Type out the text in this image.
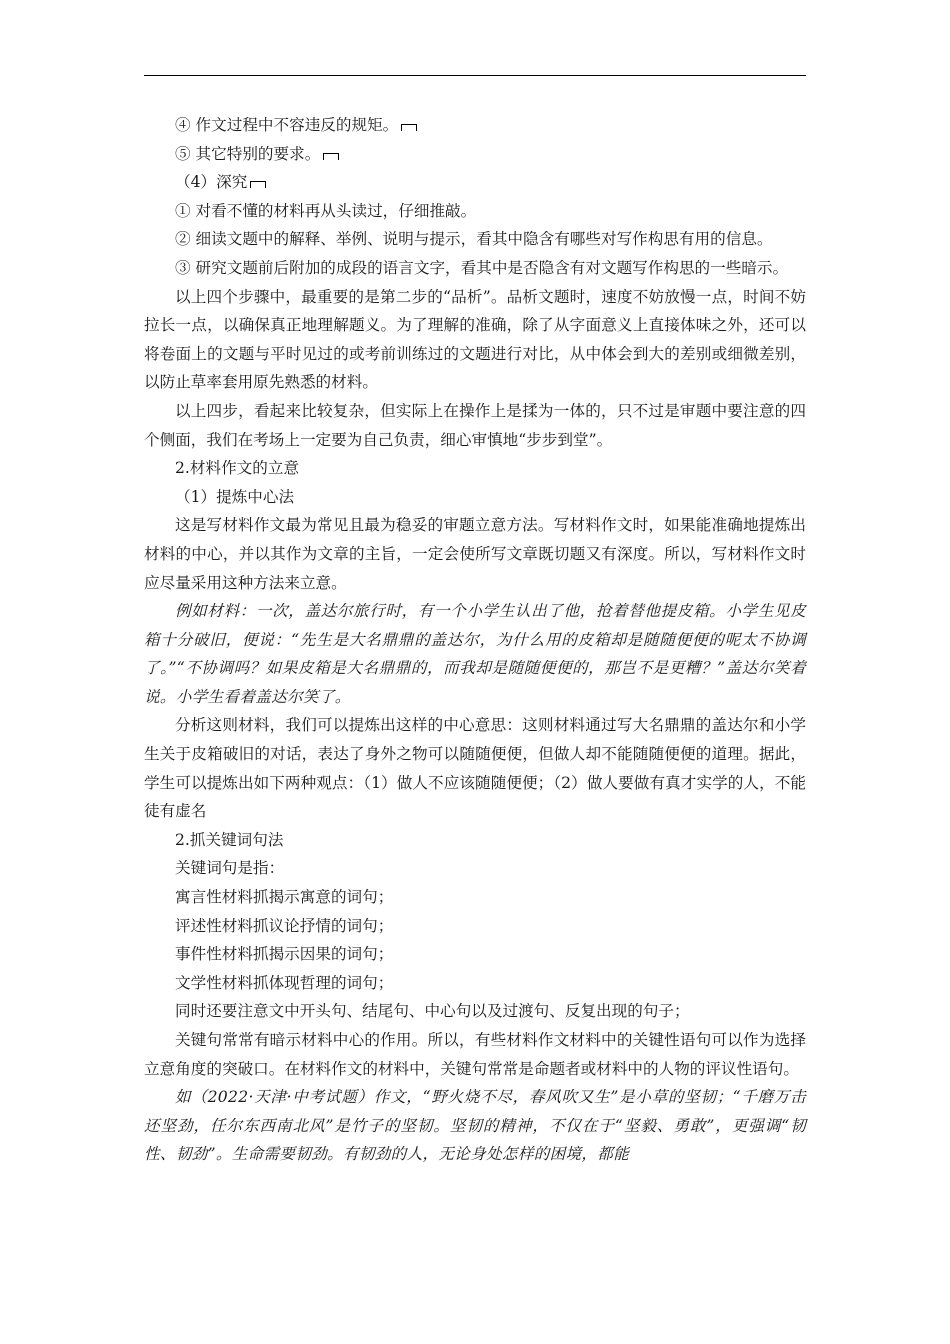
④ 作文过程中不容违反的规矩。

⑤ 其它特别的要求。

（4）深究

① 对看不懂的材料再从头读过，仔细推敲。

② 细读文题中的解释、举例、说明与提示，看其中隐含有哪些对写作构思有用的信息。

③ 研究文题前后附加的成段的语言文字，看其中是否隐含有对文题写作构思的一些暗示。

以上四个步骤中，最重要的是第二步的“品析”。品析文题时，速度不妨放慢一点，时间不妨拉长一点，以确保真正地理解题义。为了理解的准确，除了从字面意义上直接体味之外，还可以将卷面上的文题与平时见过的或考前训练过的文题进行对比，从中体会到大的差别或细微差别，以防止草率套用原先熟悉的材料。

以上四步，看起来比较复杂，但实际上在操作上是揉为一体的，只不过是审题中要注意的四个侧面，我们在考场上一定要为自己负责，细心审慎地“步步到堂”。

2.材料作文的立意

（1）提炼中心法

这是写材料作文最为常见且最为稳妥的审题立意方法。写材料作文时，如果能准确地提炼出材料的中心，并以其作为文章的主旨，一定会使所写文章既切题又有深度。所以，写材料作文时应尽量采用这种方法来立意。

例如材料：一次，盖达尔旅行时，有一个小学生认出了他，抢着替他提皮箱。小学生见皮箱十分破旧，便说：“先生是大名鼎鼎的盖达尔，为什么用的皮箱却是随随便便的呢太不协调了。”“不协调吗？如果皮箱是大名鼎鼎的，而我却是随随便便的，那岂不是更糟？”盖达尔笑着说。小学生看着盖达尔笑了。

分析这则材料，我们可以提炼出这样的中心意思：这则材料通过写大名鼎鼎的盖达尔和小学生关于皮箱破旧的对话，表达了身外之物可以随随便便，但做人却不能随随便便的道理。据此，学生可以提炼出如下两种观点：（1）做人不应该随随便便；（2）做人要做有真才实学的人，不能徒有虚名

2.抓关键词句法

关键词句是指：

寓言性材料抓揭示寓意的词句；

评述性材料抓议论抒情的词句；

事件性材料抓揭示因果的词句；

文学性材料抓体现哲理的词句；

同时还要注意文中开头句、结尾句、中心句以及过渡句、反复出现的句子；

关键句常常有暗示材料中心的作用。所以，有些材料作文材料中的关键性语句可以作为选择立意角度的突破口。在材料作文的材料中，关键句常常是命题者或材料中的人物的评议性语句。

如（2022·天津·中考试题）作文，“野火烧不尽，春风吹又生”是小草的坚韧；“千磨万击还坚劲，任尔东西南北风”是竹子的坚韧。坚韧的精神，不仅在于“坚毅、勇敢”，更强调“韧性、韧劲”。生命需要韧劲。有韧劲的人，无论身处怎样的困境，都能
